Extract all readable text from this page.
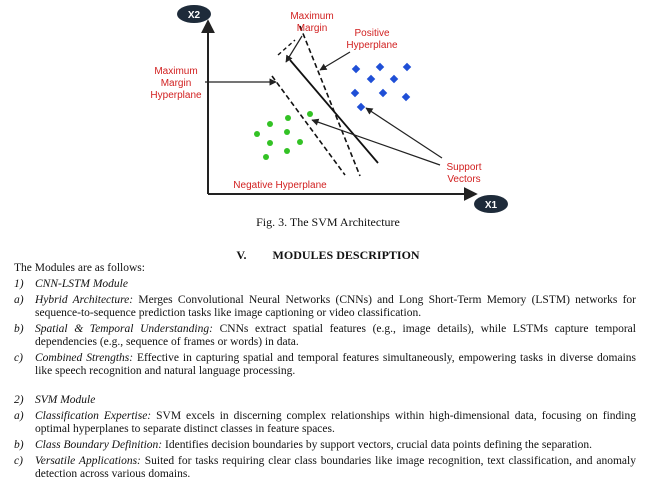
X2
X1
Maximum
Margin	Positive
Hyperplane
Maximum
Margin
Hyperplane
Negative Hyperplane
Support
Vectors
Fig. 3. The SVM Architecture
V. MODULES DESCRIPTION

The Modules are as follows:

1) CNN-LSTM Module

a) Hybrid Architecture: Merges Convolutional Neural Networks (CNNs) and Long Short-Term Memory (LSTM) networks for sequence-to-sequence prediction tasks like image captioning or video classification.

b) Spatial & Temporal Understanding: CNNs extract spatial features (e.g., image details), while LSTMs capture temporal dependencies (e.g., sequence of frames or words) in data.

c) Combined Strengths: Effective in capturing spatial and temporal features simultaneously, empowering tasks in diverse domains like speech recognition and natural language processing.

2) SVM Module

a) Classification Expertise: SVM excels in discerning complex relationships within high-dimensional data, focusing on finding optimal hyperplanes to separate distinct classes in feature spaces.

b) Class Boundary Definition: Identifies decision boundaries by support vectors, crucial data points defining the separation.

c) Versatile Applications: Suited for tasks requiring clear class boundaries like image recognition, text classification, and anomaly detection across various domains.
